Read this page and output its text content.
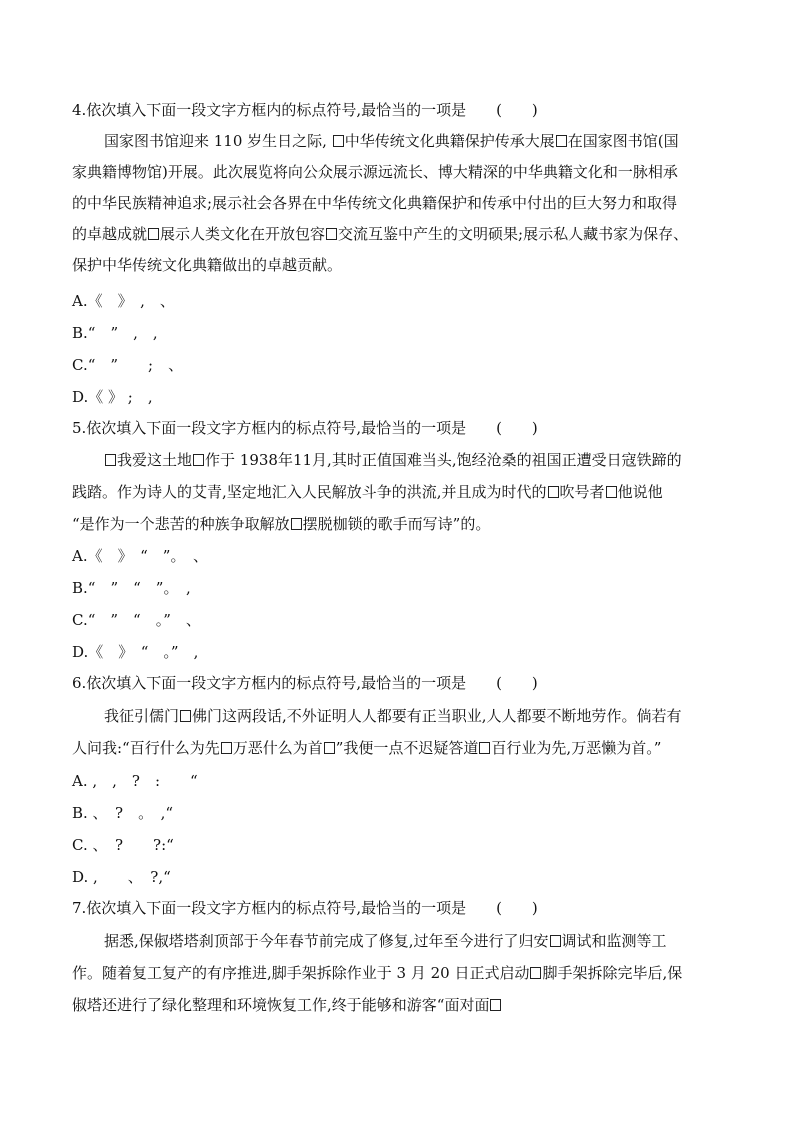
4.依次填入下面一段文字方框内的标点符号,最恰当的一项是　　(　　)
国家图书馆迎来 110 岁生日之际, 中华传统文化典籍保护传承大展 在国家图书馆(国
家典籍博物馆)开展。此次展览将向公众展示源远流长、博大精深的中华典籍文化和一脉相承
的中华民族精神追求;展示社会各界在中华传统文化典籍保护和传承中付出的巨大努力和取得
的卓越成就 展示人类文化在开放包容 交流互鉴中产生的文明硕果;展示私人藏书家为保存、
保护中华传统文化典籍做出的卓越贡献。
A.《　》　,　、
B.“　”　,　,
C.“　”　　;　、
D.《 》 ;　,
5.依次填入下面一段文字方框内的标点符号,最恰当的一项是　　(　　)
我爱这土地 作于 1938年11月,其时正值国难当头,饱经沧桑的祖国正遭受日寇铁蹄的
践踏。作为诗人的艾青,坚定地汇入人民解放斗争的洪流,并且成为时代的 吹号者 他说他
“是作为一个悲苦的种族争取解放 摆脱枷锁的歌手而写诗”的。
A.《　》　“　”。　、
B.“　”　“　”。　,
C.“　”　“　。”　、
D.《　》　“　。”　,
6.依次填入下面一段文字方框内的标点符号,最恰当的一项是　　(　　)
我征引儒门 佛门这两段话,不外证明人人都要有正当职业,人人都要不断地劳作。倘若有
人问我:“百行什么为先 万恶什么为首 ”我便一点不迟疑答道 百行业为先,万恶懒为首。”
A. ,　,　?　:　　“
B. 、　?　。　,“
C. 、　?　　?:“
D. ,　　、　?,“
7.依次填入下面一段文字方框内的标点符号,最恰当的一项是　　(　　)
据悉,保俶塔塔刹顶部于今年春节前完成了修复,过年至今进行了归安 调试和监测等工
作。随着复工复产的有序推进,脚手架拆除作业于 3 月 20 日正式启动 脚手架拆除完毕后,保
俶塔还进行了绿化整理和环境恢复工作,终于能够和游客“面对面
